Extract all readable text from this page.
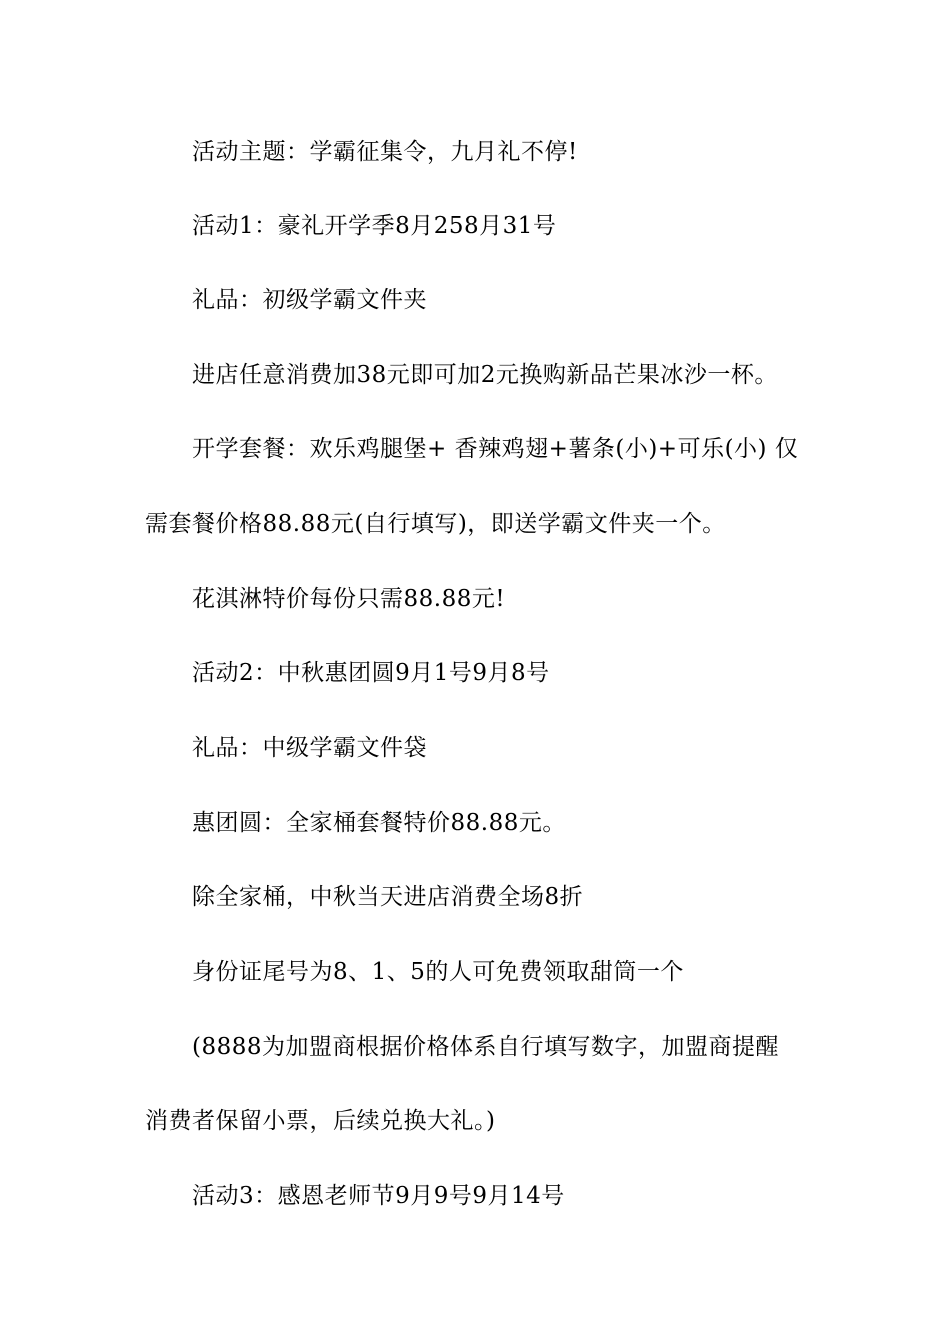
活动主题：学霸征集令，九月礼不停!
活动1：豪礼开学季8月258月31号
礼品：初级学霸文件夹
进店任意消费加38元即可加2元换购新品芒果冰沙一杯。
开学套餐：欢乐鸡腿堡+ 香辣鸡翅+薯条(小)+可乐(小) 仅
需套餐价格88.88元(自行填写)，即送学霸文件夹一个。
花淇淋特价每份只需88.88元!
活动2：中秋惠团圆9月1号9月8号
礼品：中级学霸文件袋
惠团圆：全家桶套餐特价88.88元。
除全家桶，中秋当天进店消费全场8折
身份证尾号为8、1、5的人可免费领取甜筒一个
(8888为加盟商根据价格体系自行填写数字，加盟商提醒
消费者保留小票，后续兑换大礼。)
活动3：感恩老师节9月9号9月14号
